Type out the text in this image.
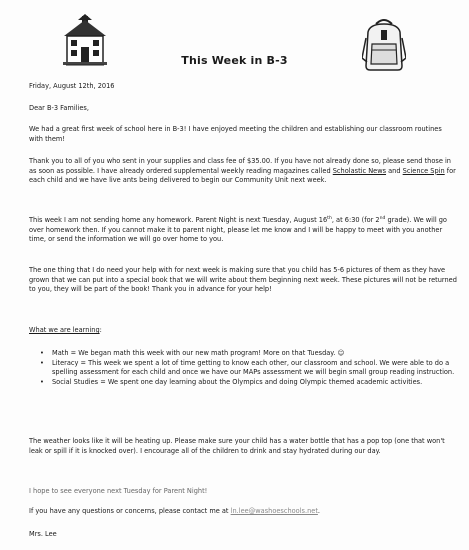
This Week in B-3
Friday, August 12th, 2016
Dear B-3 Families,
We had a great first week of school here in B-3! I have enjoyed meeting the children and establishing our classroom routines with them!
Thank you to all of you who sent in your supplies and class fee of $35.00. If you have not already done so, please send those in as soon as possible. I have already ordered supplemental weekly reading magazines called Scholastic News and Science Spin for each child and we have live ants being delivered to begin our Community Unit next week.
This week I am not sending home any homework. Parent Night is next Tuesday, August 16th, at 6:30 (for 2nd grade). We will go over homework then. If you cannot make it to parent night, please let me know and I will be happy to meet with you another time, or send the information we will go over home to you.
The one thing that I do need your help with for next week is making sure that you child has 5-6 pictures of them as they have grown that we can put into a special book that we will write about them beginning next week. These pictures will not be returned to you, they will be part of the book! Thank you in advance for your help!
What we are learning:
• Math = We began math this week with our new math program! More on that Tuesday. ☺
• Literacy = This week we spent a lot of time getting to know each other, our classroom and school. We were able to do a spelling assessment for each child and once we have our MAPs assessment we will begin small group reading instruction.
• Social Studies = We spent one day learning about the Olympics and doing Olympic themed academic activities.
The weather looks like it will be heating up. Please make sure your child has a water bottle that has a pop top (one that won't leak or spill if it is knocked over). I encourage all of the children to drink and stay hydrated during our day.
I hope to see everyone next Tuesday for Parent Night!
If you have any questions or concerns, please contact me at ln.lee@washoeschools.net.
Mrs. Lee
